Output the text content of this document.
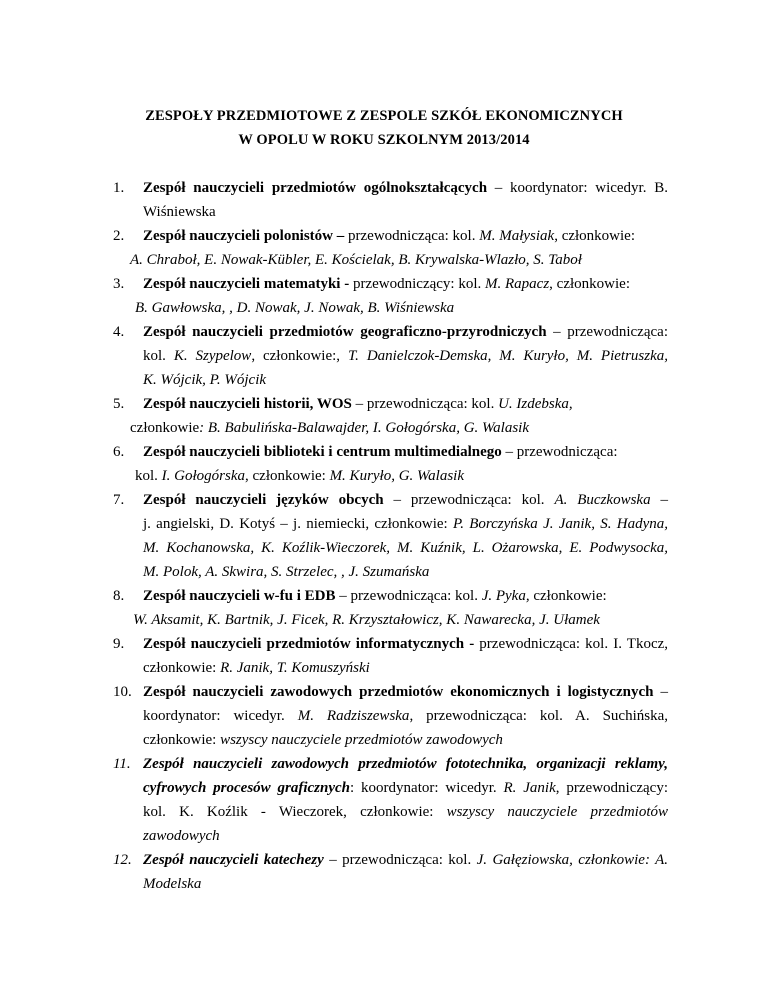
ZESPOŁY PRZEDMIOTOWE Z ZESPOLE SZKÓŁ EKONOMICZNYCH
W OPOLU W ROKU SZKOLNYM 2013/2014
1.	Zespół nauczycieli przedmiotów ogólnokształcących – koordynator: wicedyr. B.
Wiśniewska
2.	Zespół nauczycieli polonistów – przewodnicząca: kol. M. Małysiak, członkowie:
A. Chraboł, E. Nowak-Kübler, E. Kościelak, B. Krywalska-Wlazło, S. Taboł
3.	Zespół nauczycieli matematyki - przewodniczący: kol. M. Rapacz, członkowie:
B. Gawłowska, , D. Nowak, J. Nowak, B. Wiśniewska
4.	Zespół nauczycieli przedmiotów geograficzno-przyrodniczych – przewodnicząca:
kol. K. Szypelow, członkowie:, T. Danielczok-Demska, M. Kuryło, M. Pietruszka,
K. Wójcik, P. Wójcik
5.	Zespół nauczycieli historii, WOS – przewodnicząca: kol. U. Izdebska,
członkowie: B. Babulińska-Balawajder, I. Gołogórska, G. Walasik
6.	Zespół nauczycieli biblioteki i centrum multimedialnego – przewodnicząca:
kol. I. Gołogórska, członkowie: M. Kuryło, G. Walasik
7.	Zespół nauczycieli języków obcych – przewodnicząca: kol. A. Buczkowska –
j. angielski, D. Kotyś – j. niemiecki, członkowie: P. Borczyńska J. Janik, S. Hadyna,
M. Kochanowska, K. Koźlik-Wieczorek, M. Kuźnik, L. Ożarowska, E. Podwysocka,
M. Polok, A. Skwira, S. Strzelec, , J. Szumańska
8.	Zespół nauczycieli w-fu i EDB – przewodnicząca: kol. J. Pyka, członkowie:
W. Aksamit, K. Bartnik, J. Ficek, R. Krzyształowicz, K. Nawarecka, J. Ułamek
9.	Zespół nauczycieli przedmiotów informatycznych - przewodnicząca: kol. I. Tkocz,
członkowie: R. Janik, T. Komuszyński
10. Zespół nauczycieli zawodowych przedmiotów ekonomicznych i logistycznych –
koordynator: wicedyr. M. Radziszewska, przewodnicząca: kol. A. Suchińska,
członkowie: wszyscy nauczyciele przedmiotów zawodowych
11. Zespół nauczycieli zawodowych przedmiotów fototechnika, organizacji reklamy,
cyfrowych procesów graficznych: koordynator: wicedyr. R. Janik, przewodniczący:
kol. K. Koźlik - Wieczorek, członkowie: wszyscy nauczyciele przedmiotów
zawodowych
12. Zespół nauczycieli katechezy – przewodnicząca: kol. J. Gałęziowska, członkowie: A.
Modelska
